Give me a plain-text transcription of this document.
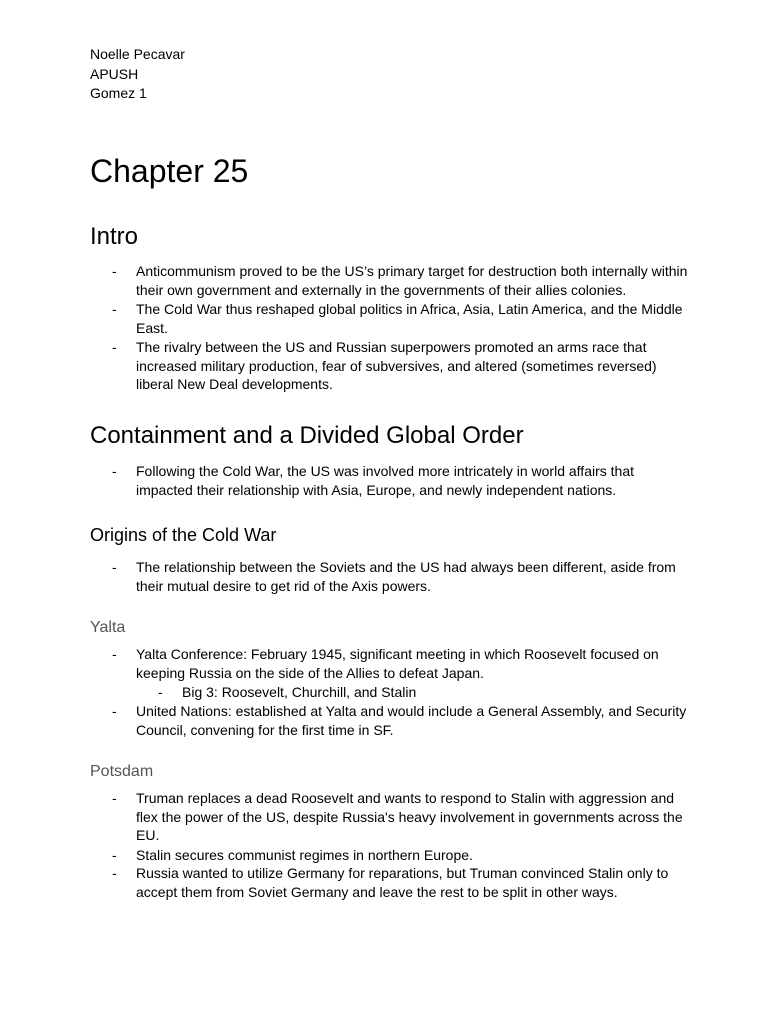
Noelle Pecavar
APUSH
Gomez 1
Chapter 25
Intro
- Anticommunism proved to be the US’s primary target for destruction both internally within their own government and externally in the governments of their allies colonies.
- The Cold War thus reshaped global politics in Africa, Asia, Latin America, and the Middle East.
- The rivalry between the US and Russian superpowers promoted an arms race that increased military production, fear of subversives, and altered (sometimes reversed) liberal New Deal developments.
Containment and a Divided Global Order
- Following the Cold War, the US was involved more intricately in world affairs that impacted their relationship with Asia, Europe, and newly independent nations.
Origins of the Cold War
- The relationship between the Soviets and the US had always been different, aside from their mutual desire to get rid of the Axis powers.
Yalta
- Yalta Conference: February 1945, significant meeting in which Roosevelt focused on keeping Russia on the side of the Allies to defeat Japan.
- Big 3: Roosevelt, Churchill, and Stalin
- United Nations: established at Yalta and would include a General Assembly, and Security Council, convening for the first time in SF.
Potsdam
- Truman replaces a dead Roosevelt and wants to respond to Stalin with aggression and flex the power of the US, despite Russia's heavy involvement in governments across the EU.
- Stalin secures communist regimes in northern Europe.
- Russia wanted to utilize Germany for reparations, but Truman convinced Stalin only to accept them from Soviet Germany and leave the rest to be split in other ways.
